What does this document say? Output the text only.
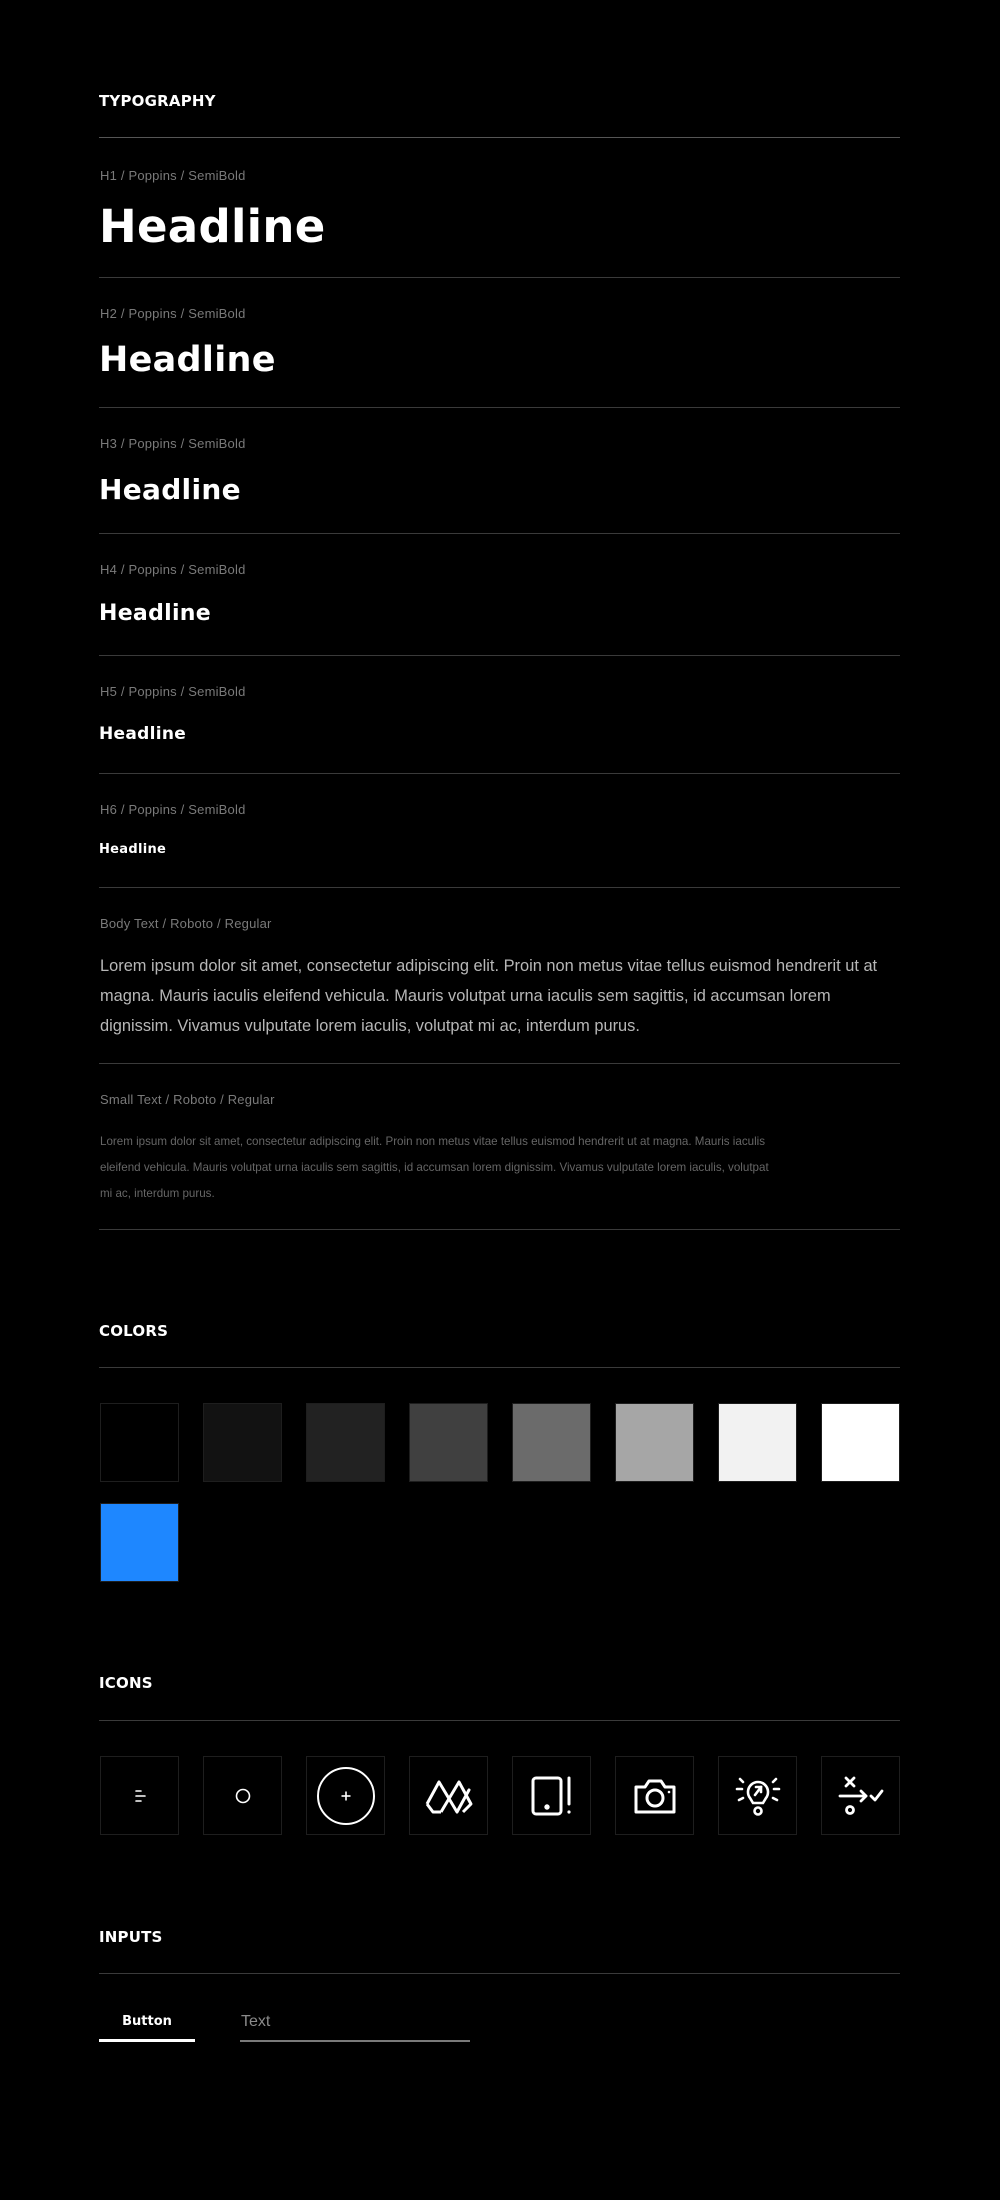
TYPOGRAPHY
H1 / Poppins / SemiBold
Headline
H2 / Poppins / SemiBold
Headline
H3 / Poppins / SemiBold
Headline
H4 / Poppins / SemiBold
Headline
H5 / Poppins / SemiBold
Headline
H6 / Poppins / SemiBold
Headline
Body Text / Roboto / Regular
Lorem ipsum dolor sit amet, consectetur adipiscing elit. Proin non metus vitae tellus euismod hendrerit ut at magna. Mauris iaculis eleifend vehicula. Mauris volutpat urna iaculis sem sagittis, id accumsan lorem dignissim. Vivamus vulputate lorem iaculis, volutpat mi ac, interdum purus.
Small Text / Roboto / Regular
Lorem ipsum dolor sit amet, consectetur adipiscing elit. Proin non metus vitae tellus euismod hendrerit ut at magna. Mauris iaculis eleifend vehicula. Mauris volutpat urna iaculis sem sagittis, id accumsan lorem dignissim. Vivamus vulputate lorem iaculis, volutpat mi ac, interdum purus.
COLORS
ICONS
INPUTS
Button
Text
